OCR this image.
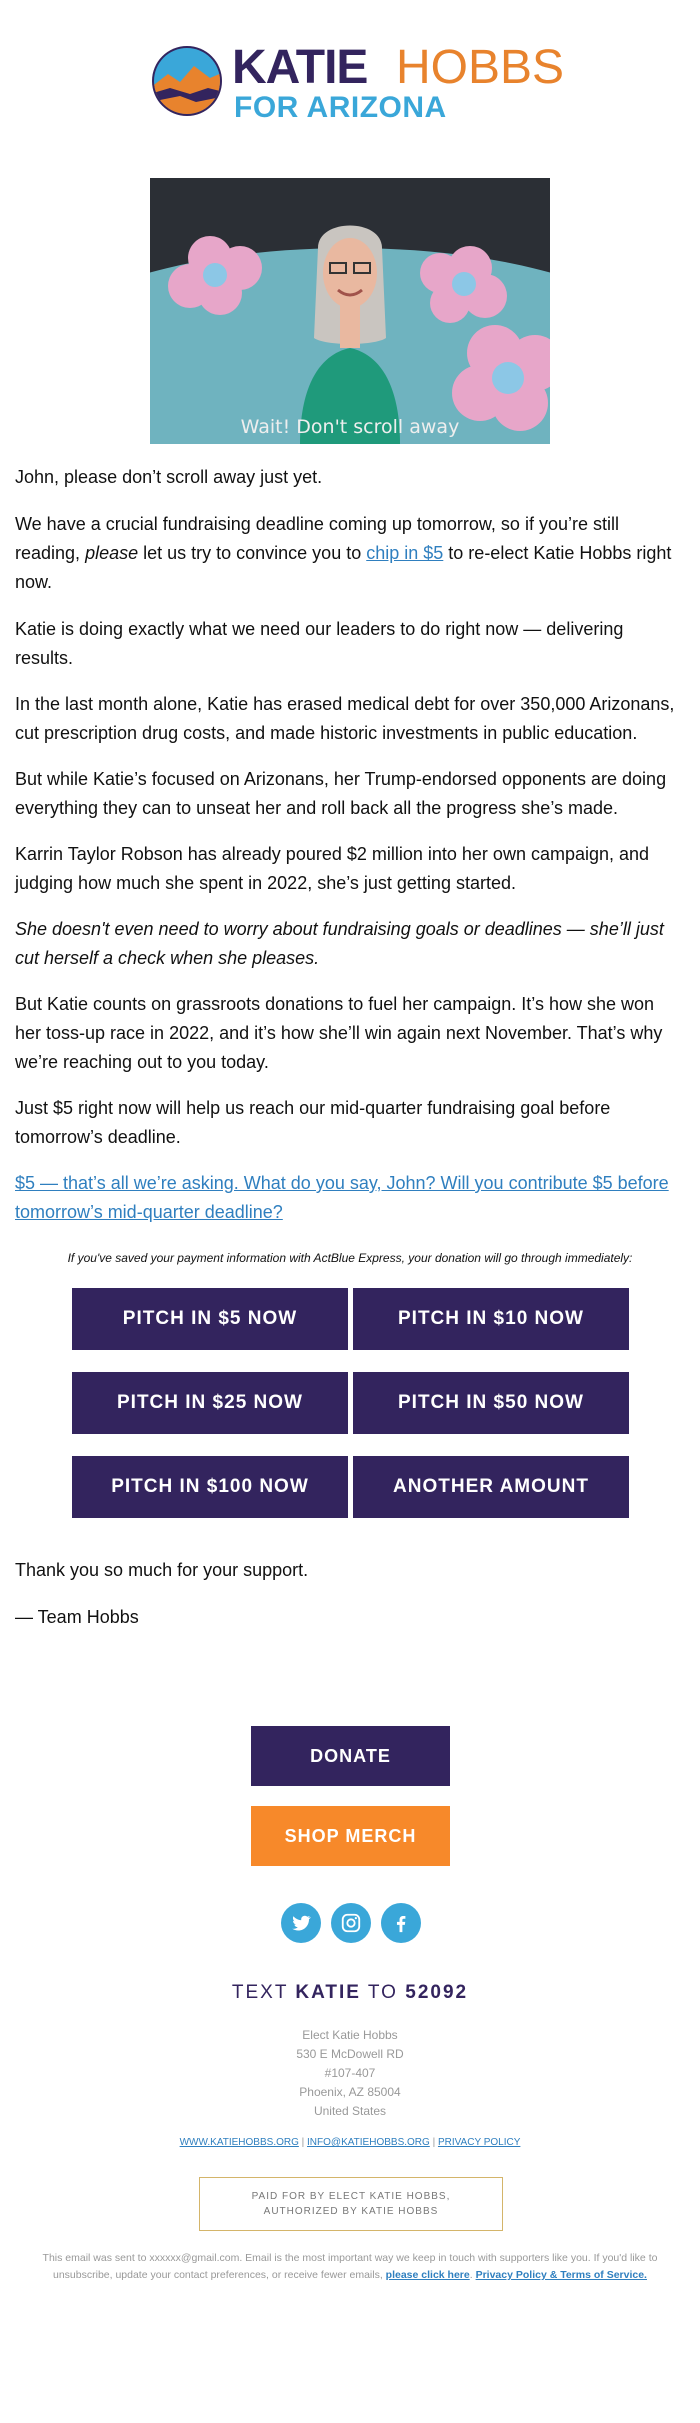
KATIE HOBBS
FOR ARIZONA
Wait! Don't scroll away

John, please don’t scroll away just yet.

We have a crucial fundraising deadline coming up tomorrow, so if you’re still reading, please let us try to convince you to chip in $5 to re-elect Katie Hobbs right now.

Katie is doing exactly what we need our leaders to do right now — delivering results.

In the last month alone, Katie has erased medical debt for over 350,000 Arizonans, cut prescription drug costs, and made historic investments in public education.

But while Katie’s focused on Arizonans, her Trump-endorsed opponents are doing everything they can to unseat her and roll back all the progress she’s made.

Karrin Taylor Robson has already poured $2 million into her own campaign, and judging how much she spent in 2022, she’s just getting started.

She doesn't even need to worry about fundraising goals or deadlines — she’ll just cut herself a check when she pleases.

But Katie counts on grassroots donations to fuel her campaign. It’s how she won her toss-up race in 2022, and it’s how she’ll win again next November. That’s why we’re reaching out to you today.

Just $5 right now will help us reach our mid-quarter fundraising goal before tomorrow’s deadline.

$5 — that’s all we’re asking. What do you say, John? Will you contribute $5 before tomorrow’s mid-quarter deadline?

If you've saved your payment information with ActBlue Express, your donation will go through immediately:
PITCH IN $5 NOW	PITCH IN $10 NOW
PITCH IN $25 NOW	PITCH IN $50 NOW
PITCH IN $100 NOW	ANOTHER AMOUNT

Thank you so much for your support.

— Team Hobbs

DONATE
SHOP MERCH
TEXT KATIE TO 52092
Elect Katie Hobbs
530 E McDowell RD
#107-407
Phoenix, AZ 85004
United States
WWW.KATIEHOBBS.ORG | INFO@KATIEHOBBS.ORG | PRIVACY POLICY
PAID FOR BY ELECT KATIE HOBBS,
AUTHORIZED BY KATIE HOBBS
This email was sent to xxxxxx@gmail.com. Email is the most important way we keep in touch with supporters like you. If you'd like to unsubscribe, update your contact preferences, or receive fewer emails, please click here. Privacy Policy & Terms of Service.
